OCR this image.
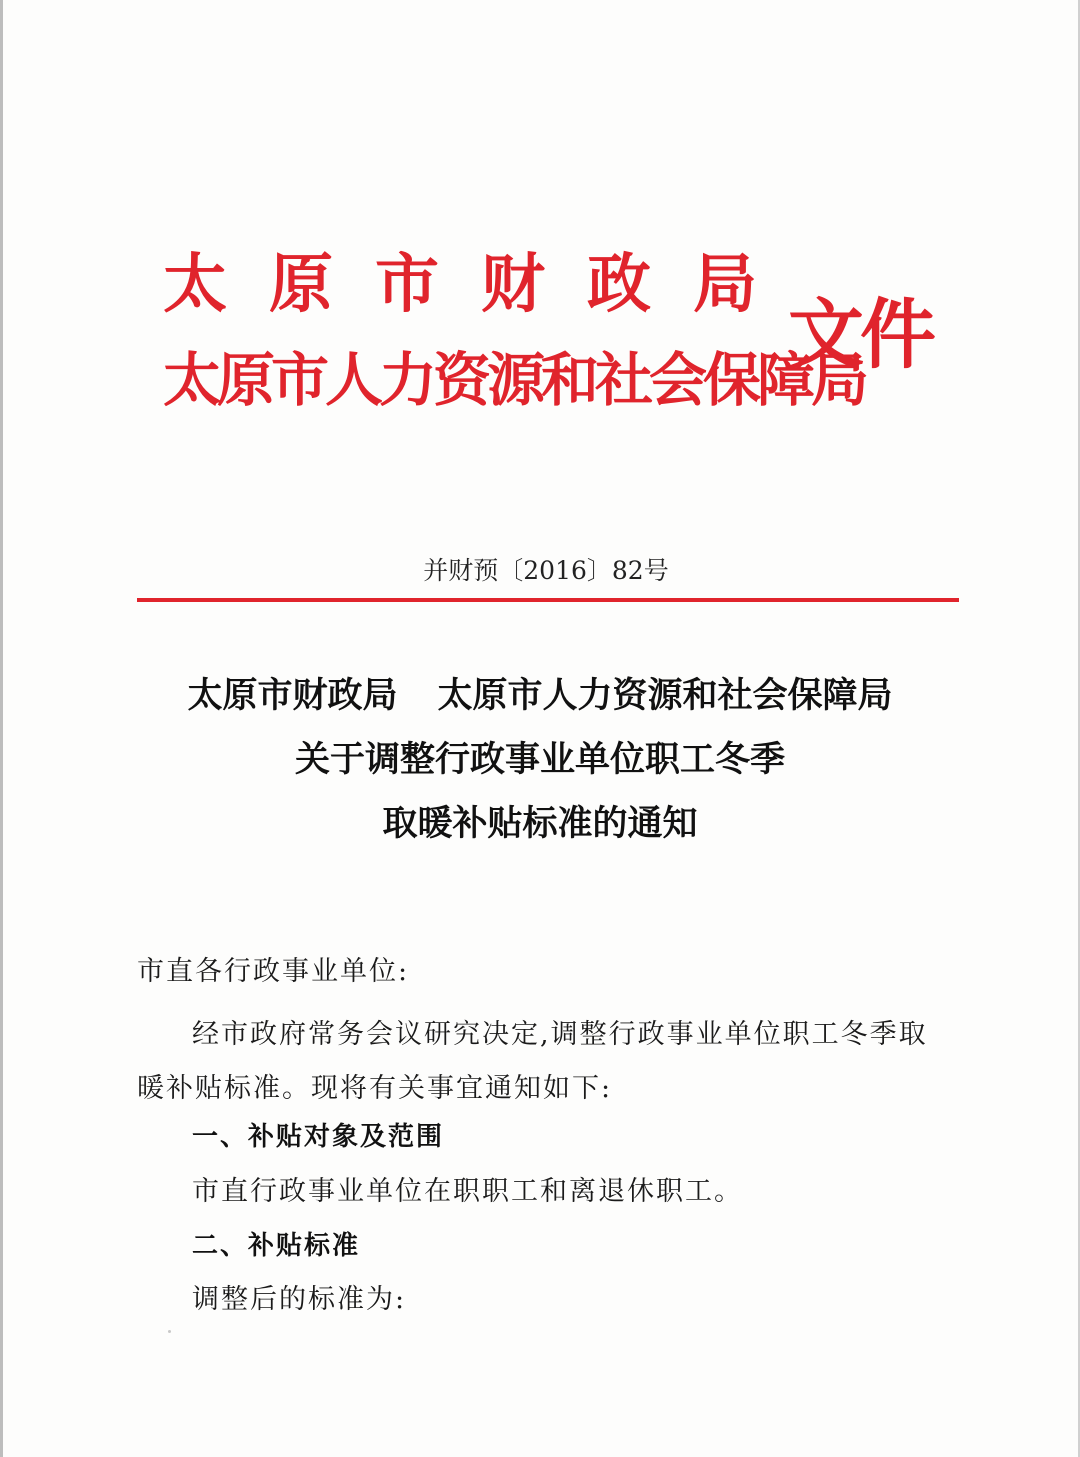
太原市财政局
太原市人力资源和社会保障局
文件
并财预〔2016〕82号
太原市财政局 太原市人力资源和社会保障局
关于调整行政事业单位职工冬季
取暖补贴标准的通知
市直各行政事业单位:
经市政府常务会议研究决定,调整行政事业单位职工冬季取暖补贴标准。现将有关事宜通知如下:
一、补贴对象及范围
市直行政事业单位在职职工和离退休职工。
二、补贴标准
调整后的标准为:
